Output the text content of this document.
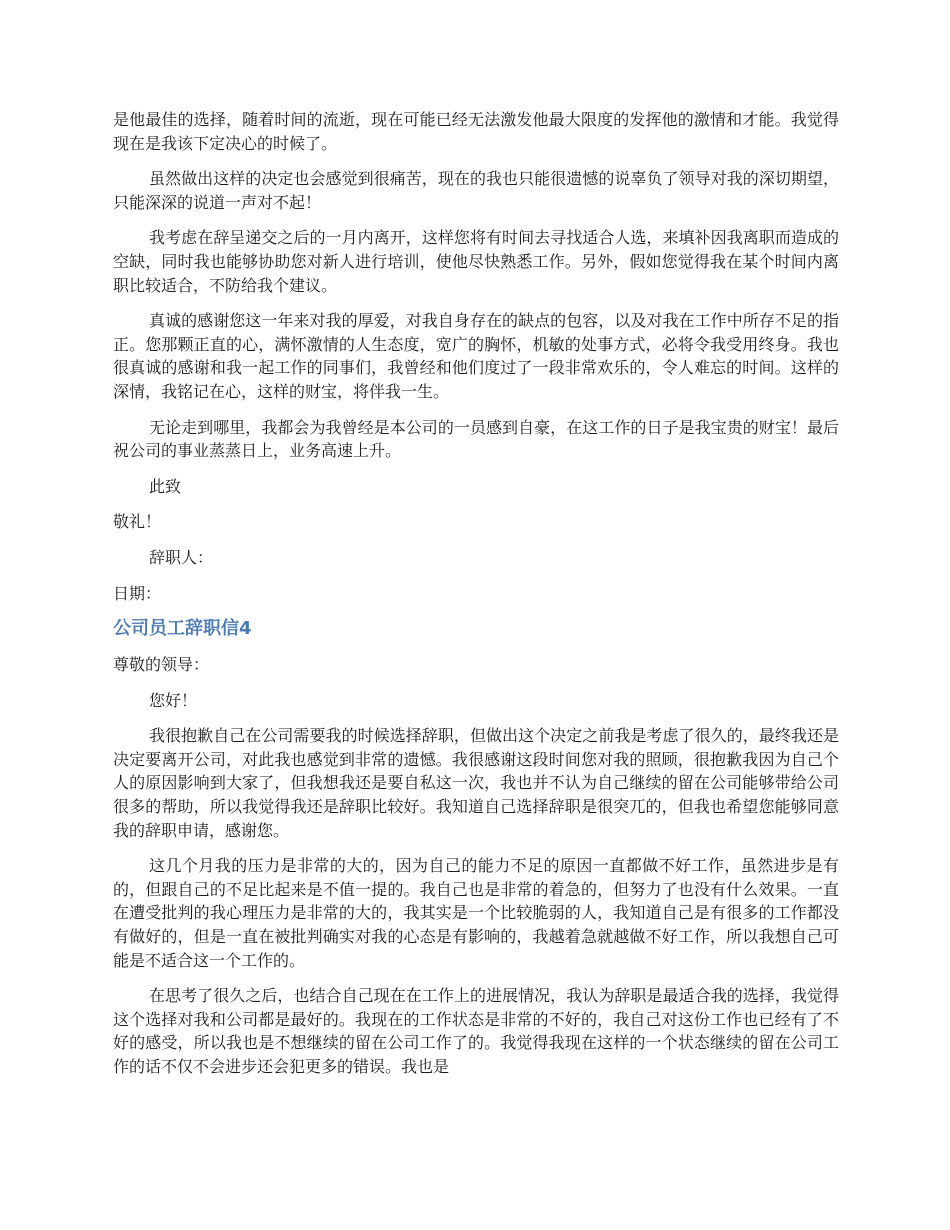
是他最佳的选择，随着时间的流逝，现在可能已经无法激发他最大限度的发挥他的激情和才能。我觉得现在是我该下定决心的时候了。

虽然做出这样的决定也会感觉到很痛苦，现在的我也只能很遗憾的说辜负了领导对我的深切期望，只能深深的说道一声对不起！

我考虑在辞呈递交之后的一月内离开，这样您将有时间去寻找适合人选，来填补因我离职而造成的空缺，同时我也能够协助您对新人进行培训，使他尽快熟悉工作。另外，假如您觉得我在某个时间内离职比较适合，不防给我个建议。

真诚的感谢您这一年来对我的厚爱，对我自身存在的缺点的包容，以及对我在工作中所存不足的指正。您那颗正直的心，满怀激情的人生态度，宽广的胸怀，机敏的处事方式，必将令我受用终身。我也很真诚的感谢和我一起工作的同事们，我曾经和他们度过了一段非常欢乐的，令人难忘的时间。这样的深情，我铭记在心，这样的财宝，将伴我一生。

无论走到哪里，我都会为我曾经是本公司的一员感到自豪，在这工作的日子是我宝贵的财宝！最后祝公司的事业蒸蒸日上，业务高速上升。

此致

敬礼！

辞职人：

日期：

公司员工辞职信4

尊敬的领导：

您好！

我很抱歉自己在公司需要我的时候选择辞职，但做出这个决定之前我是考虑了很久的，最终我还是决定要离开公司，对此我也感觉到非常的遗憾。我很感谢这段时间您对我的照顾，很抱歉我因为自己个人的原因影响到大家了，但我想我还是要自私这一次，我也并不认为自己继续的留在公司能够带给公司很多的帮助，所以我觉得我还是辞职比较好。我知道自己选择辞职是很突兀的，但我也希望您能够同意我的辞职申请，感谢您。

这几个月我的压力是非常的大的，因为自己的能力不足的原因一直都做不好工作，虽然进步是有的，但跟自己的不足比起来是不值一提的。我自己也是非常的着急的，但努力了也没有什么效果。一直在遭受批判的我心理压力是非常的大的，我其实是一个比较脆弱的人，我知道自己是有很多的工作都没有做好的，但是一直在被批判确实对我的心态是有影响的，我越着急就越做不好工作，所以我想自己可能是不适合这一个工作的。

在思考了很久之后，也结合自己现在在工作上的进展情况，我认为辞职是最适合我的选择，我觉得这个选择对我和公司都是最好的。我现在的工作状态是非常的不好的，我自己对这份工作也已经有了不好的感受，所以我也是不想继续的留在公司工作了的。我觉得我现在这样的一个状态继续的留在公司工作的话不仅不会进步还会犯更多的错误。我也是
